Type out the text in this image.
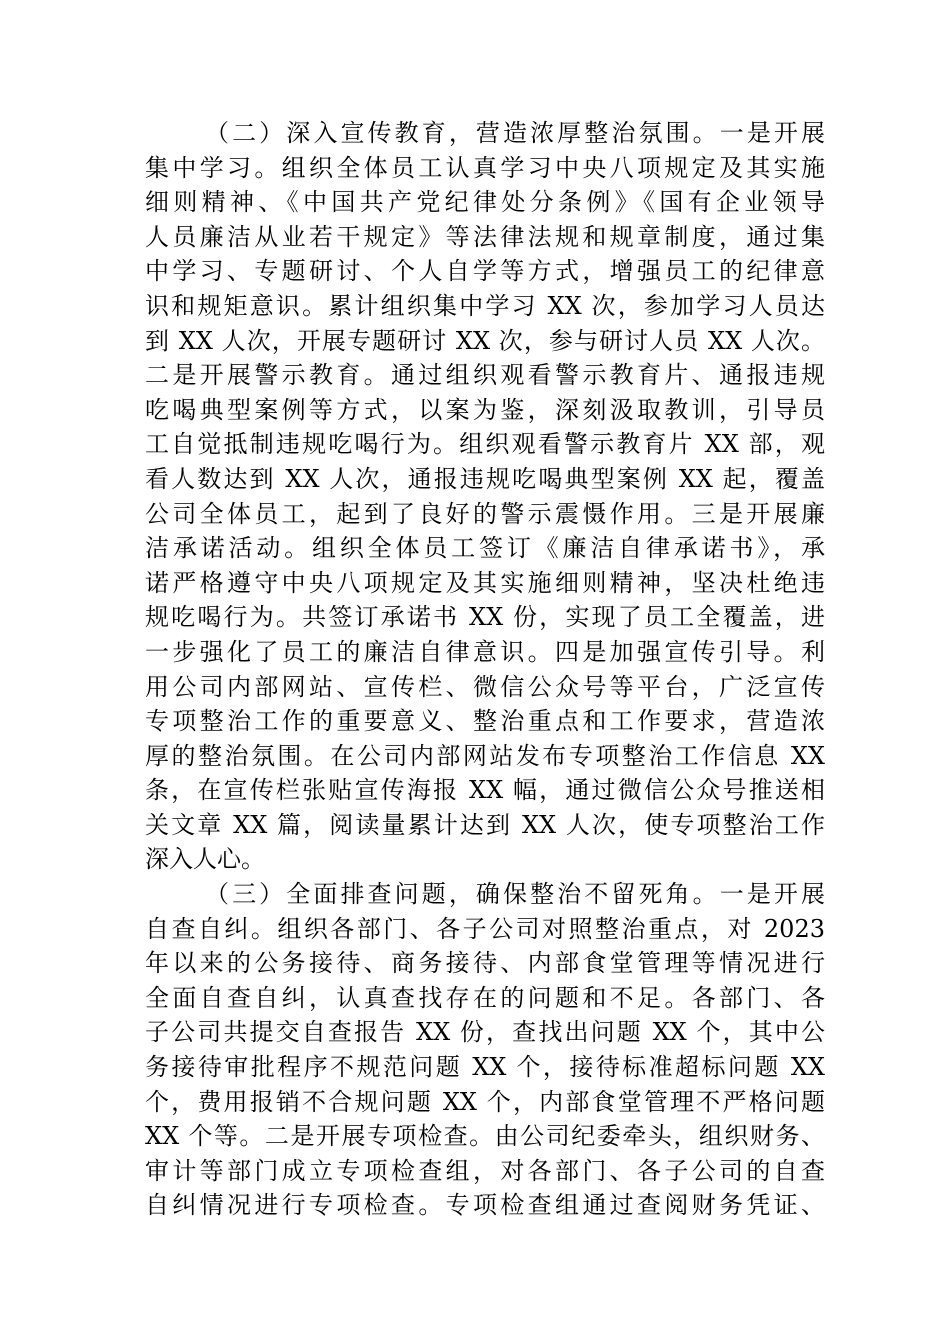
（二）深入宣传教育，营造浓厚整治氛围。一是开展
集中学习。组织全体员工认真学习中央八项规定及其实施
细则精神、《中国共产党纪律处分条例》《国有企业领导
人员廉洁从业若干规定》等法律法规和规章制度，通过集
中学习、专题研讨、个人自学等方式，增强员工的纪律意
识和规矩意识。累计组织集中学习 XX 次，参加学习人员达
到 XX 人次，开展专题研讨 XX 次，参与研讨人员 XX 人次。
二是开展警示教育。通过组织观看警示教育片、通报违规
吃喝典型案例等方式，以案为鉴，深刻汲取教训，引导员
工自觉抵制违规吃喝行为。组织观看警示教育片 XX 部，观
看人数达到 XX 人次，通报违规吃喝典型案例 XX 起，覆盖
公司全体员工，起到了良好的警示震慑作用。三是开展廉
洁承诺活动。组织全体员工签订《廉洁自律承诺书》，承
诺严格遵守中央八项规定及其实施细则精神，坚决杜绝违
规吃喝行为。共签订承诺书 XX 份，实现了员工全覆盖，进
一步强化了员工的廉洁自律意识。四是加强宣传引导。利
用公司内部网站、宣传栏、微信公众号等平台，广泛宣传
专项整治工作的重要意义、整治重点和工作要求，营造浓
厚的整治氛围。在公司内部网站发布专项整治工作信息 XX
条，在宣传栏张贴宣传海报 XX 幅，通过微信公众号推送相
关文章 XX 篇，阅读量累计达到 XX 人次，使专项整治工作
深入人心。
（三）全面排查问题，确保整治不留死角。一是开展
自查自纠。组织各部门、各子公司对照整治重点，对 2023
年以来的公务接待、商务接待、内部食堂管理等情况进行
全面自查自纠，认真查找存在的问题和不足。各部门、各
子公司共提交自查报告 XX 份，查找出问题 XX 个，其中公
务接待审批程序不规范问题 XX 个，接待标准超标问题 XX
个，费用报销不合规问题 XX 个，内部食堂管理不严格问题
XX 个等。二是开展专项检查。由公司纪委牵头，组织财务、
审计等部门成立专项检查组，对各部门、各子公司的自查
自纠情况进行专项检查。专项检查组通过查阅财务凭证、
